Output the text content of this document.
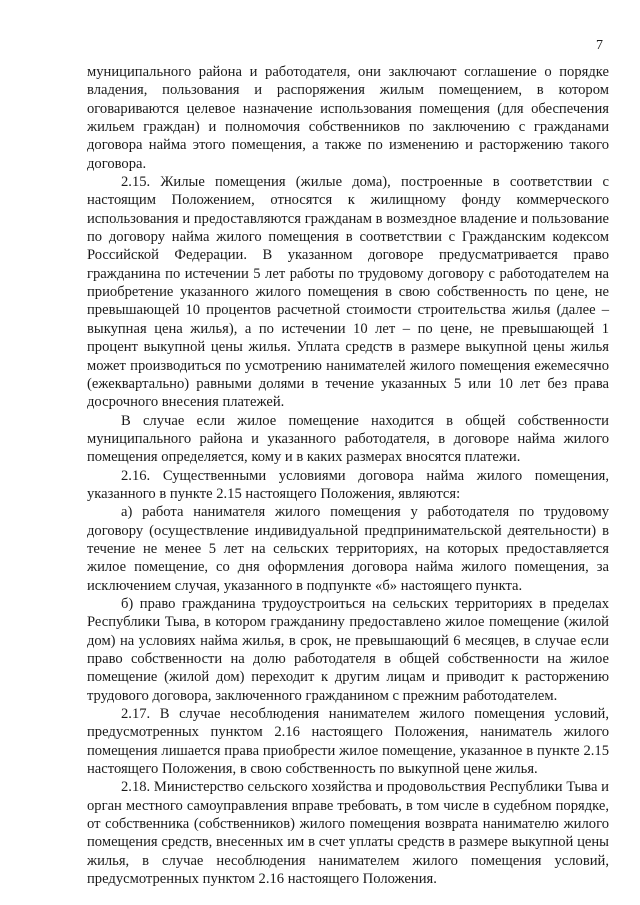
7

муниципального района и работодателя, они заключают соглашение о порядке владения, пользования и распоряжения жилым помещением, в котором оговариваются целевое назначение использования помещения (для обеспечения жильем граждан) и полномочия собственников по заключению с гражданами договора найма этого помещения, а также по изменению и расторжению такого договора.

2.15. Жилые помещения (жилые дома), построенные в соответствии с настоящим Положением, относятся к жилищному фонду коммерческого использования и предоставляются гражданам в возмездное владение и пользование по договору найма жилого помещения в соответствии с Гражданским кодексом Российской Федерации. В указанном договоре предусматривается право гражданина по истечении 5 лет работы по трудовому договору с работодателем на приобретение указанного жилого помещения в свою собственность по цене, не превышающей 10 процентов расчетной стоимости строительства жилья (далее – выкупная цена жилья), а по истечении 10 лет – по цене, не превышающей 1 процент выкупной цены жилья. Уплата средств в размере выкупной цены жилья может производиться по усмотрению нанимателей жилого помещения ежемесячно (ежеквартально) равными долями в течение указанных 5 или 10 лет без права досрочного внесения платежей.

В случае если жилое помещение находится в общей собственности муниципального района и указанного работодателя, в договоре найма жилого помещения определяется, кому и в каких размерах вносятся платежи.

2.16. Существенными условиями договора найма жилого помещения, указанного в пункте 2.15 настоящего Положения, являются:

а) работа нанимателя жилого помещения у работодателя по трудовому договору (осуществление индивидуальной предпринимательской деятельности) в течение не менее 5 лет на сельских территориях, на которых предоставляется жилое помещение, со дня оформления договора найма жилого помещения, за исключением случая, указанного в подпункте «б» настоящего пункта.

б) право гражданина трудоустроиться на сельских территориях в пределах Республики Тыва, в котором гражданину предоставлено жилое помещение (жилой дом) на условиях найма жилья, в срок, не превышающий 6 месяцев, в случае если право собственности на долю работодателя в общей собственности на жилое помещение (жилой дом) переходит к другим лицам и приводит к расторжению трудового договора, заключенного гражданином с прежним работодателем.

2.17. В случае несоблюдения нанимателем жилого помещения условий, предусмотренных пунктом 2.16 настоящего Положения, наниматель жилого помещения лишается права приобрести жилое помещение, указанное в пункте 2.15 настоящего Положения, в свою собственность по выкупной цене жилья.

2.18. Министерство сельского хозяйства и продовольствия Республики Тыва и орган местного самоуправления вправе требовать, в том числе в судебном порядке, от собственника (собственников) жилого помещения возврата нанимателю жилого помещения средств, внесенных им в счет уплаты средств в размере выкупной цены жилья, в случае несоблюдения нанимателем жилого помещения условий, предусмотренных пунктом 2.16 настоящего Положения.
